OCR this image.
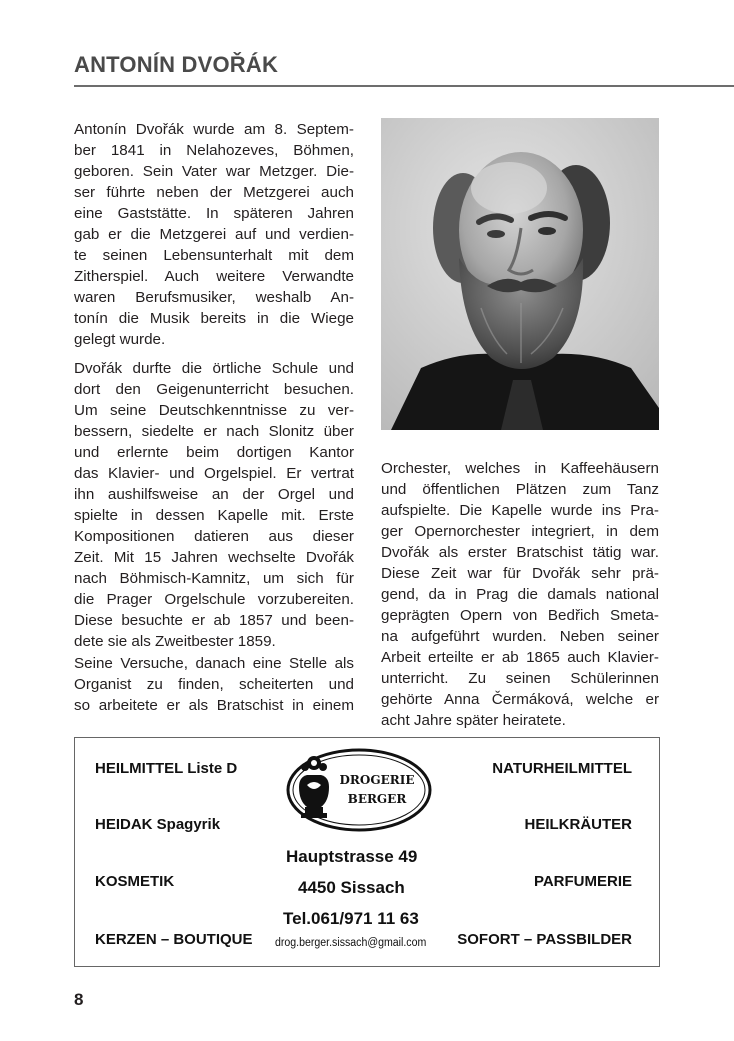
ANTONÍN DVOŘÁK

Antonín Dvořák wurde am 8. Septem-
ber 1841 in Nelahozeves, Böhmen,
geboren. Sein Vater war Metzger. Die-
ser führte neben der Metzgerei auch
eine Gaststätte. In späteren Jahren
gab er die Metzgerei auf und verdien-
te seinen Lebensunterhalt mit dem
Zitherspiel. Auch weitere Verwandte
waren Berufsmusiker, weshalb An-
tonín die Musik bereits in die Wiege
gelegt wurde.

Dvořák durfte die örtliche Schule und
dort den Geigenunterricht besuchen.
Um seine Deutschkenntnisse zu ver-
bessern, siedelte er nach Slonitz über
und erlernte beim dortigen Kantor
das Klavier- und Orgelspiel. Er vertrat
ihn aushilfsweise an der Orgel und
spielte in dessen Kapelle mit. Erste
Kompositionen datieren aus dieser
Zeit. Mit 15 Jahren wechselte Dvořák
nach Böhmisch-Kamnitz, um sich für
die Prager Orgelschule vorzubereiten.
Diese besuchte er ab 1857 und been-
dete sie als Zweitbester 1859.

Seine Versuche, danach eine Stelle als
Organist zu finden, scheiterten und
so arbeitete er als Bratschist in einem

Orchester, welches in Kaffeehäusern
und öffentlichen Plätzen zum Tanz
aufspielte. Die Kapelle wurde ins Pra-
ger Opernorchester integriert, in dem
Dvořák als erster Bratschist tätig war.
Diese Zeit war für Dvořák sehr prä-
gend, da in Prag die damals national
geprägten Opern von Bedřich Smeta-
na aufgeführt wurden. Neben seiner
Arbeit erteilte er ab 1865 auch Klavier-
unterricht. Zu seinen Schülerinnen
gehörte Anna Čermáková, welche er
acht Jahre später heiratete.

HEILMITTEL Liste D
HEIDAK Spagyrik
KOSMETIK
KERZEN – BOUTIQUE
NATURHEILMITTEL
HEILKRÄUTER
PARFUMERIE
SOFORT – PASSBILDER
DROGERIE
BERGER
Hauptstrasse 49
4450 Sissach
Tel.061/971 11 63
drog.berger.sissach@gmail.com
8
